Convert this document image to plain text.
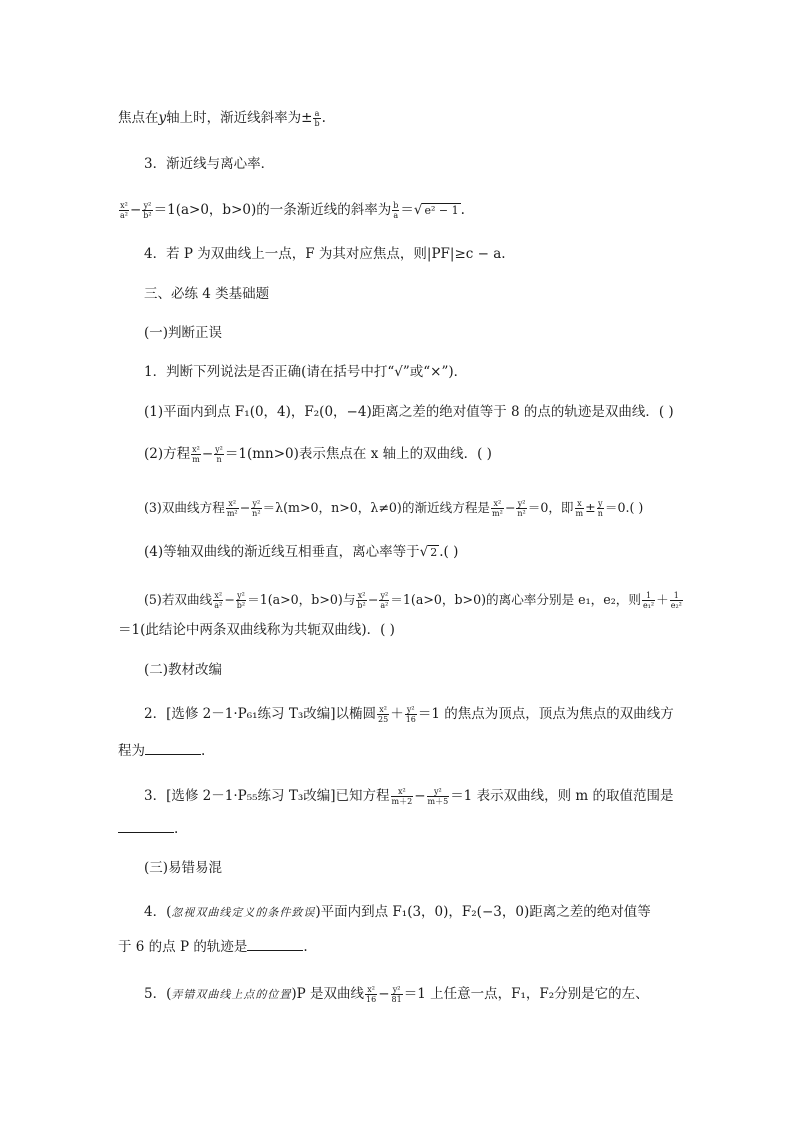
焦点在y轴上时，渐近线斜率为± $\frac{a}{b}$ .
3．渐近线与离心率．
$\frac{\text{x²}}{\text{a²}} - \frac{\text{y²}}{\text{b²}} =1(a>0$，b>0)的一条渐近线的斜率为 $\frac{b}{a}$ ＝√ e² − 1 .
4．若 P 为双曲线上一点，F 为其对应焦点，则|PF|≥c − a.
三、必练 4 类基础题
(一)判断正误
1．判断下列说法是否正确(请在括号中打“√”或“×”)．
(1)平面内到点 F₁(0，4)，F₂(0，−4)距离之差的绝对值等于 8 的点的轨迹是双曲线．( )
(2)方程 $\frac{\text{x²}}{m} - \frac{\text{y²}}{n} =1(mn>0)$表示焦点在 x 轴上的双曲线．( )
(3)双曲线方程 $\frac{\text{x²}}{\text{m²}} - \frac{\text{y²}}{\text{n²}} =\lambda(m>0$，n>0，λ≠0)的渐近线方程是 $\frac{\text{x²}}{\text{m²}} - \frac{\text{y²}}{\text{n²}} =0$，即 $\frac{x}{m} \pm \frac{y}{n} =0$.( )
(4)等轴双曲线的渐近线互相垂直，离心率等于√ 2 .( )
(5)若双曲线 $\frac{\text{x²}}{\text{a²}} - \frac{\text{y²}}{\text{b²}} =1(a>0$，b>0)与 $\frac{\text{x²}}{\text{b²}} - \frac{\text{y²}}{\text{a²}} =1(a>0$，b>0)的离心率分别是 e₁，e₂，则 $\frac{1}{\text{e₁²}} + \frac{1}{\text{e₂²}}$
＝1(此结论中两条双曲线称为共轭双曲线)．( )
(二)教材改编
2．[选修 2－1·P₆₁练习 T₃改编]以椭圆 $\frac{\text{x²}}{25} + \frac{\text{y²}}{16} =1$ 的焦点为顶点，顶点为焦点的双曲线方
程为	.
3．[选修 2－1·P₅₅练习 T₃改编]已知方程 $\frac{\text{x²}}{m+2} - \frac{\text{y²}}{m+5} =1$ 表示双曲线，则 m 的取值范围是
.
(三)易错易混
4．(忽视双曲线定义的条件致误)平面内到点 F₁(3，0)，F₂(−3，0)距离之差的绝对值等
于 6 的点 P 的轨迹是	.
5．(弄错双曲线上点的位置)P 是双曲线 $\frac{\text{x²}}{16} - \frac{\text{y²}}{81} =1$ 上任意一点，F₁，F₂分别是它的左、
